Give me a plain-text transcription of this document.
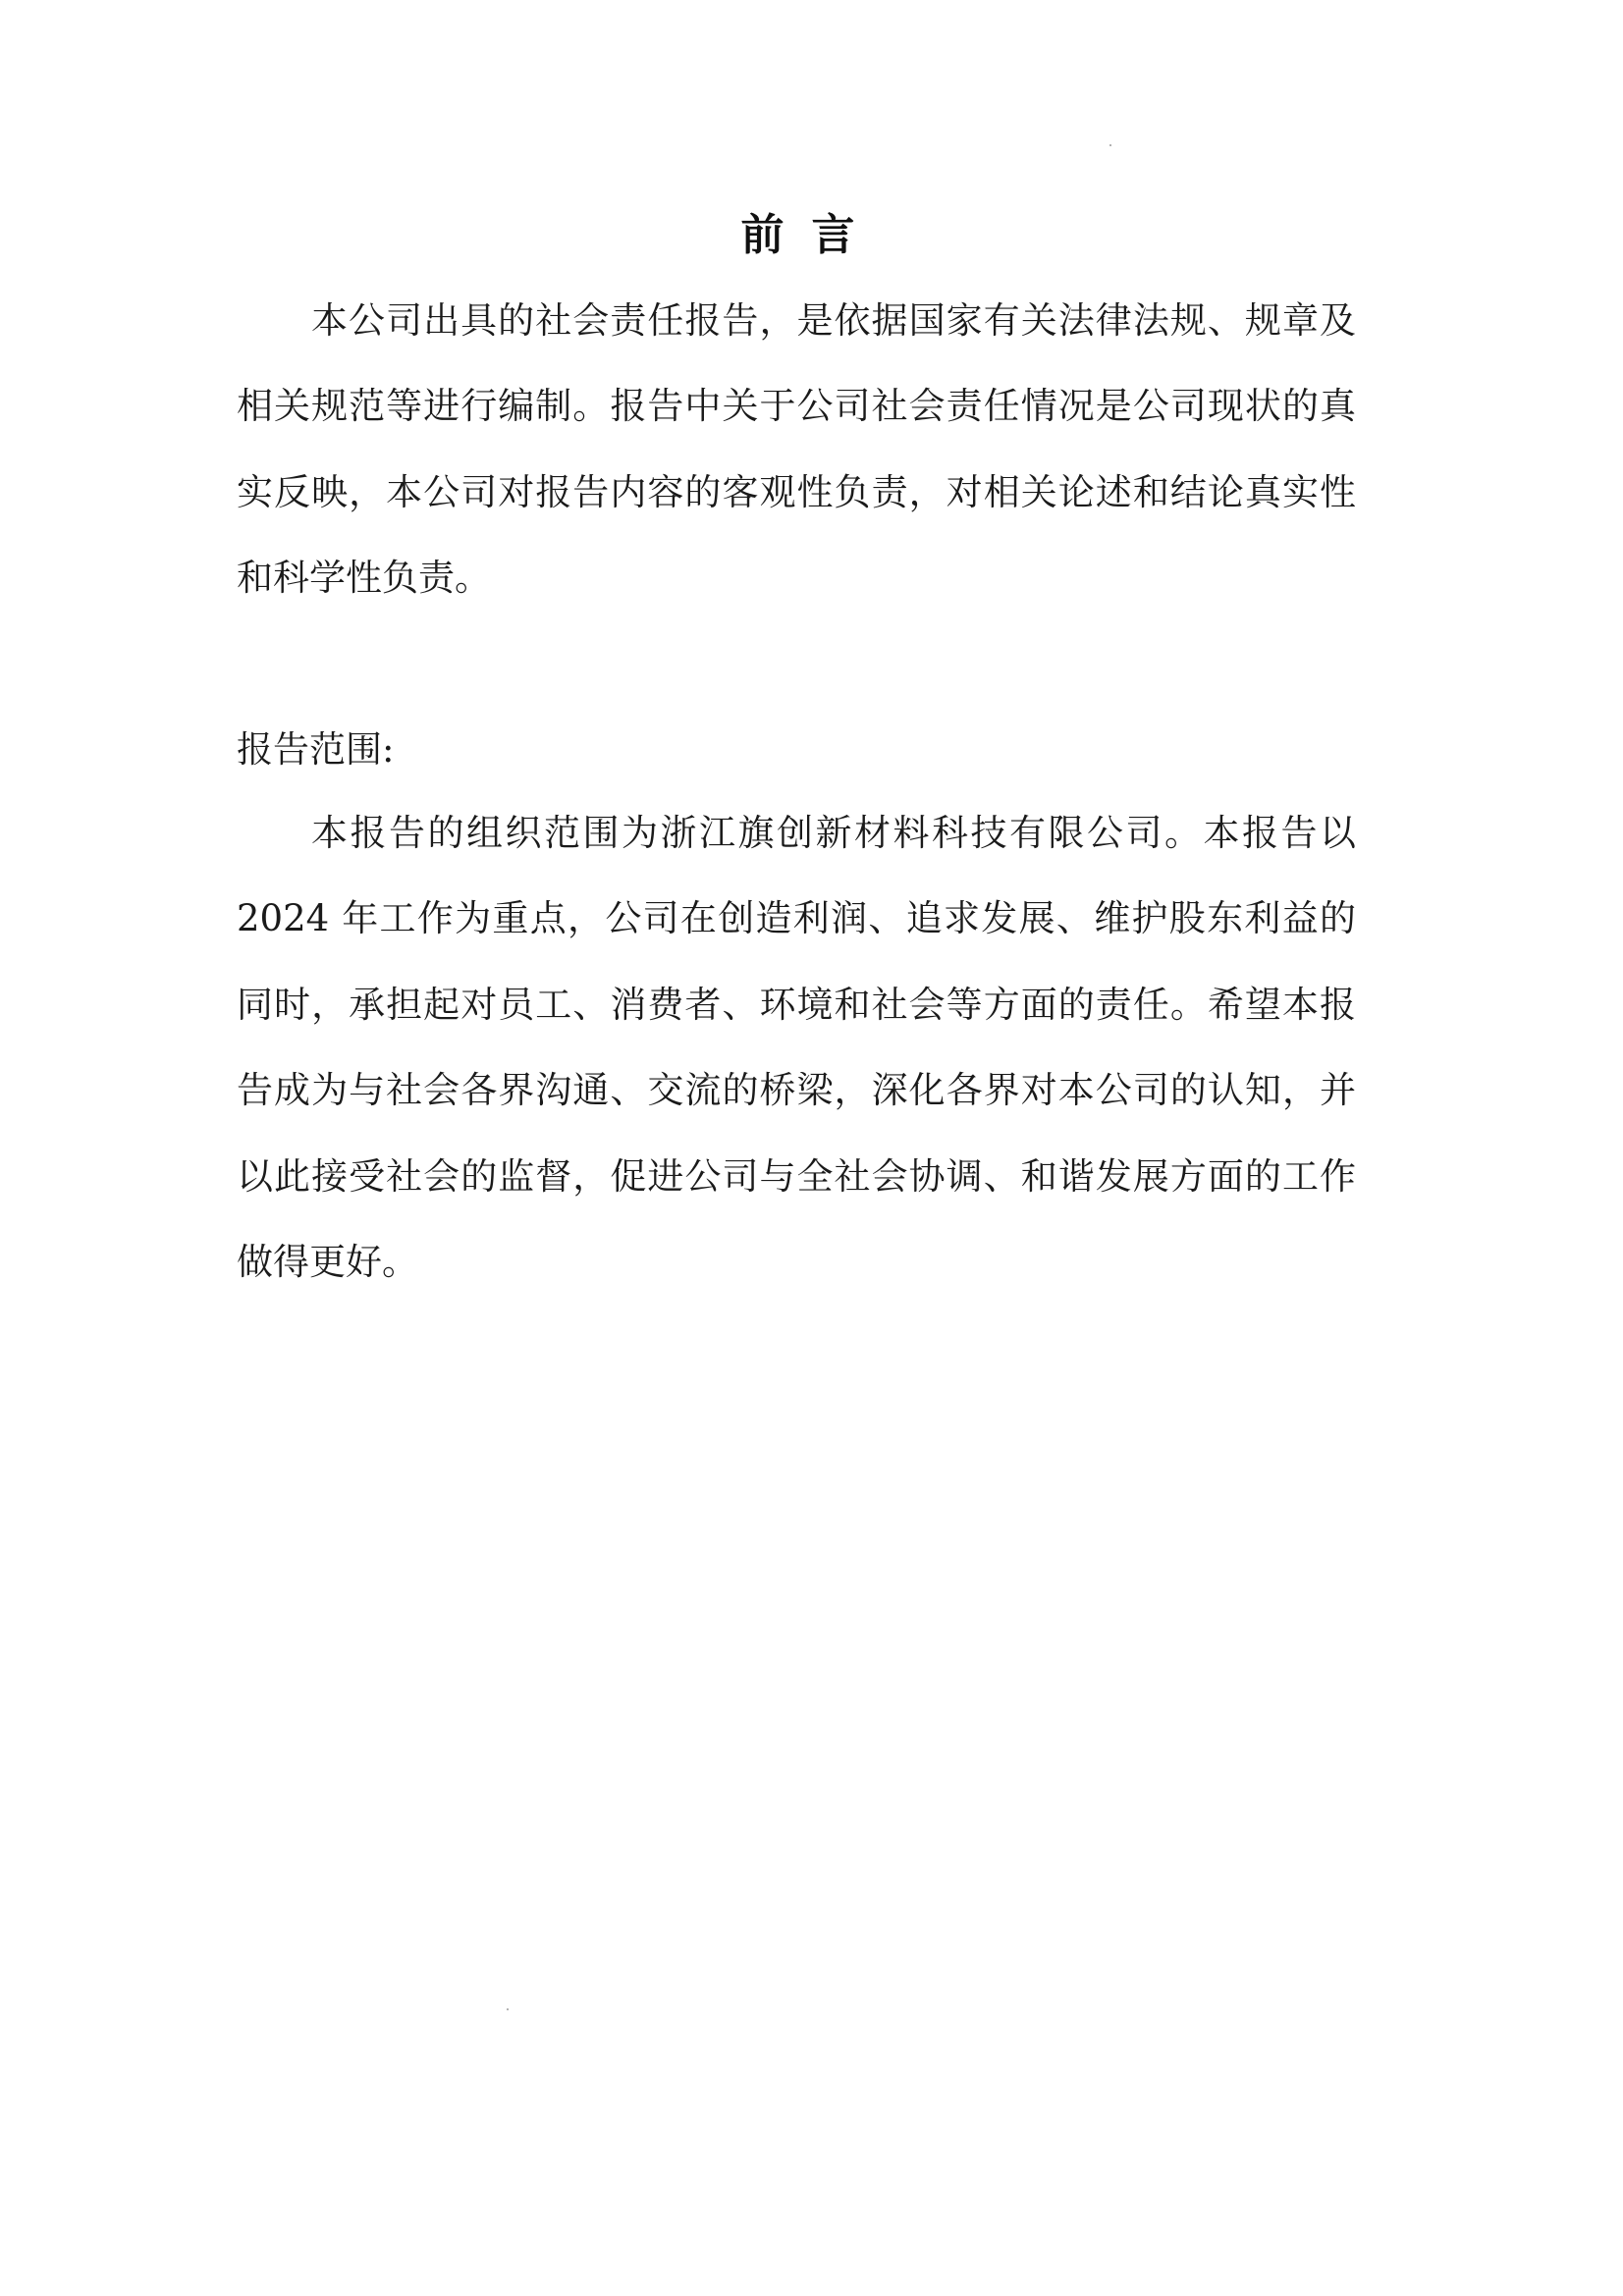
前言

本公司出具的社会责任报告，是依据国家有关法律法规、规章及相关规范等进行编制。报告中关于公司社会责任情况是公司现状的真实反映，本公司对报告内容的客观性负责，对相关论述和结论真实性和科学性负责。

报告范围:

本报告的组织范围为浙江旗创新材料科技有限公司。本报告以 2024 年工作为重点，公司在创造利润、追求发展、维护股东利益的同时，承担起对员工、消费者、环境和社会等方面的责任。希望本报告成为与社会各界沟通、交流的桥梁，深化各界对本公司的认知，并以此接受社会的监督，促进公司与全社会协调、和谐发展方面的工作做得更好。
